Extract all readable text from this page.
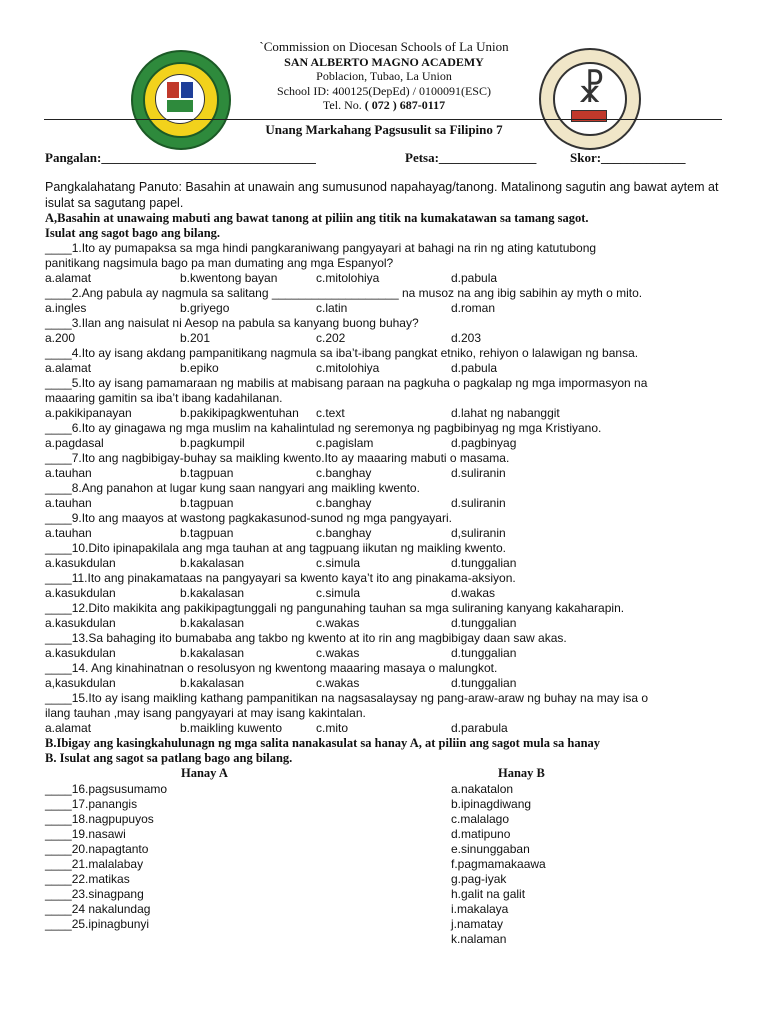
☧
`Commission on Diocesan Schools of La Union
SAN ALBERTO MAGNO ACADEMY
Poblacion, Tubao, La Union
School ID: 400125(DepEd) / 0100091(ESC)
Tel. No. ( 072 ) 687-0117
Unang Markahang Pagsusulit sa Filipino 7
Pangalan:_________________________________	Petsa:_______________	Skor:_____________
Pangkalahatang Panuto: Basahin at unawain ang sumusunod napahayag/tanong. Matalinong sagutin ang bawat aytem at isulat sa sagutang papel.
A,Basahin at unawaing mabuti ang bawat tanong at piliin ang titik na kumakatawan sa tamang sagot.
Isulat ang sagot bago ang bilang.
____1.Ito ay pumapaksa sa mga hindi pangkaraniwang pangyayari at bahagi na rin ng ating katutubong
panitikang nagsimula bago pa man dumating ang mga Espanyol?
a.alamat	b.kwentong bayan	c.mitolohiya	d.pabula
____2.Ang pabula ay nagmula sa salitang ___________________ na musoz na ang ibig sabihin ay myth o mito.
a.ingles	b.griyego	c.latin	d.roman
____3.Ilan ang naisulat ni Aesop na pabula sa kanyang buong buhay?
a.200	b.201	c.202	d.203
____4.Ito ay isang akdang pampanitikang nagmula sa iba’t-ibang pangkat etniko, rehiyon o lalawigan ng bansa.
a.alamat	b.epiko	c.mitolohiya	d.pabula
____5.Ito ay isang pamamaraan ng mabilis at mabisang paraan na pagkuha o pagkalap ng mga impormasyon na
maaaring gamitin sa iba’t ibang kadahilanan.
a.pakikipanayan	b.pakikipagkwentuhan c.text	d.lahat ng nabanggit
____6.Ito ay ginagawa ng mga muslim na kahalintulad ng seremonya ng pagbibinyag ng mga Kristiyano.
a.pagdasal	b.pagkumpil	c.pagislam	d.pagbinyag
____7.Ito ang nagbibigay-buhay sa maikling kwento.Ito ay maaaring mabuti o masama.
a.tauhan	b.tagpuan	c.banghay	d.suliranin
____8.Ang panahon at lugar kung saan nangyari ang maikling kwento.
a.tauhan	b.tagpuan	c.banghay	d.suliranin
____9.Ito ang maayos at wastong pagkakasunod-sunod ng mga pangyayari.
a.tauhan	b.tagpuan	c.banghay	d,suliranin
____10.Dito ipinapakilala ang mga tauhan at ang tagpuang iikutan ng maikling kwento.
a.kasukdulan	b.kakalasan	c.simula	d.tunggalian
____11.Ito ang pinakamataas na pangyayari sa kwento kaya’t ito ang pinakama-aksiyon.
a.kasukdulan	b.kakalasan	c.simula	d.wakas
____12.Dito makikita ang pakikipagtunggali ng pangunahing tauhan sa mga suliraning kanyang kakaharapin.
a.kasukdulan	b.kakalasan	c.wakas	d.tunggalian
____13.Sa bahaging ito bumababa ang takbo ng kwento at ito rin ang magbibigay daan saw akas.
a.kasukdulan	b.kakalasan	c.wakas	d.tunggalian
____14. Ang kinahinatnan o resolusyon ng kwentong maaaring masaya o malungkot.
a,kasukdulan	b.kakalasan	c.wakas	d.tunggalian
____15.Ito ay isang maikling kathang pampanitikan na nagsasalaysay ng pang-araw-araw ng buhay na may isa o
ilang tauhan ,may isang pangyayari at may isang kakintalan.
a.alamat	b.maikling kuwento	c.mito	d.parabula
B.Ibigay ang kasingkahulunagn ng mga salita nanakasulat sa hanay A, at piliin ang sagot mula sa hanay
B. Isulat ang sagot sa patlang bago ang bilang.
Hanay A	Hanay B
____16.pagsusumamo	a.nakatalon
____17.panangis	b.ipinagdiwang
____18.nagpupuyos	c.malalago
____19.nasawi	d.matipuno
____20.napagtanto	e.sinunggaban
____21.malalabay	f.pagmamakaawa
____22.matikas	g.pag-iyak
____23.sinagpang	h.galit na galit
____24 nakalundag	i.makalaya
____25.ipinagbunyi	j.namatay
k.nalaman
